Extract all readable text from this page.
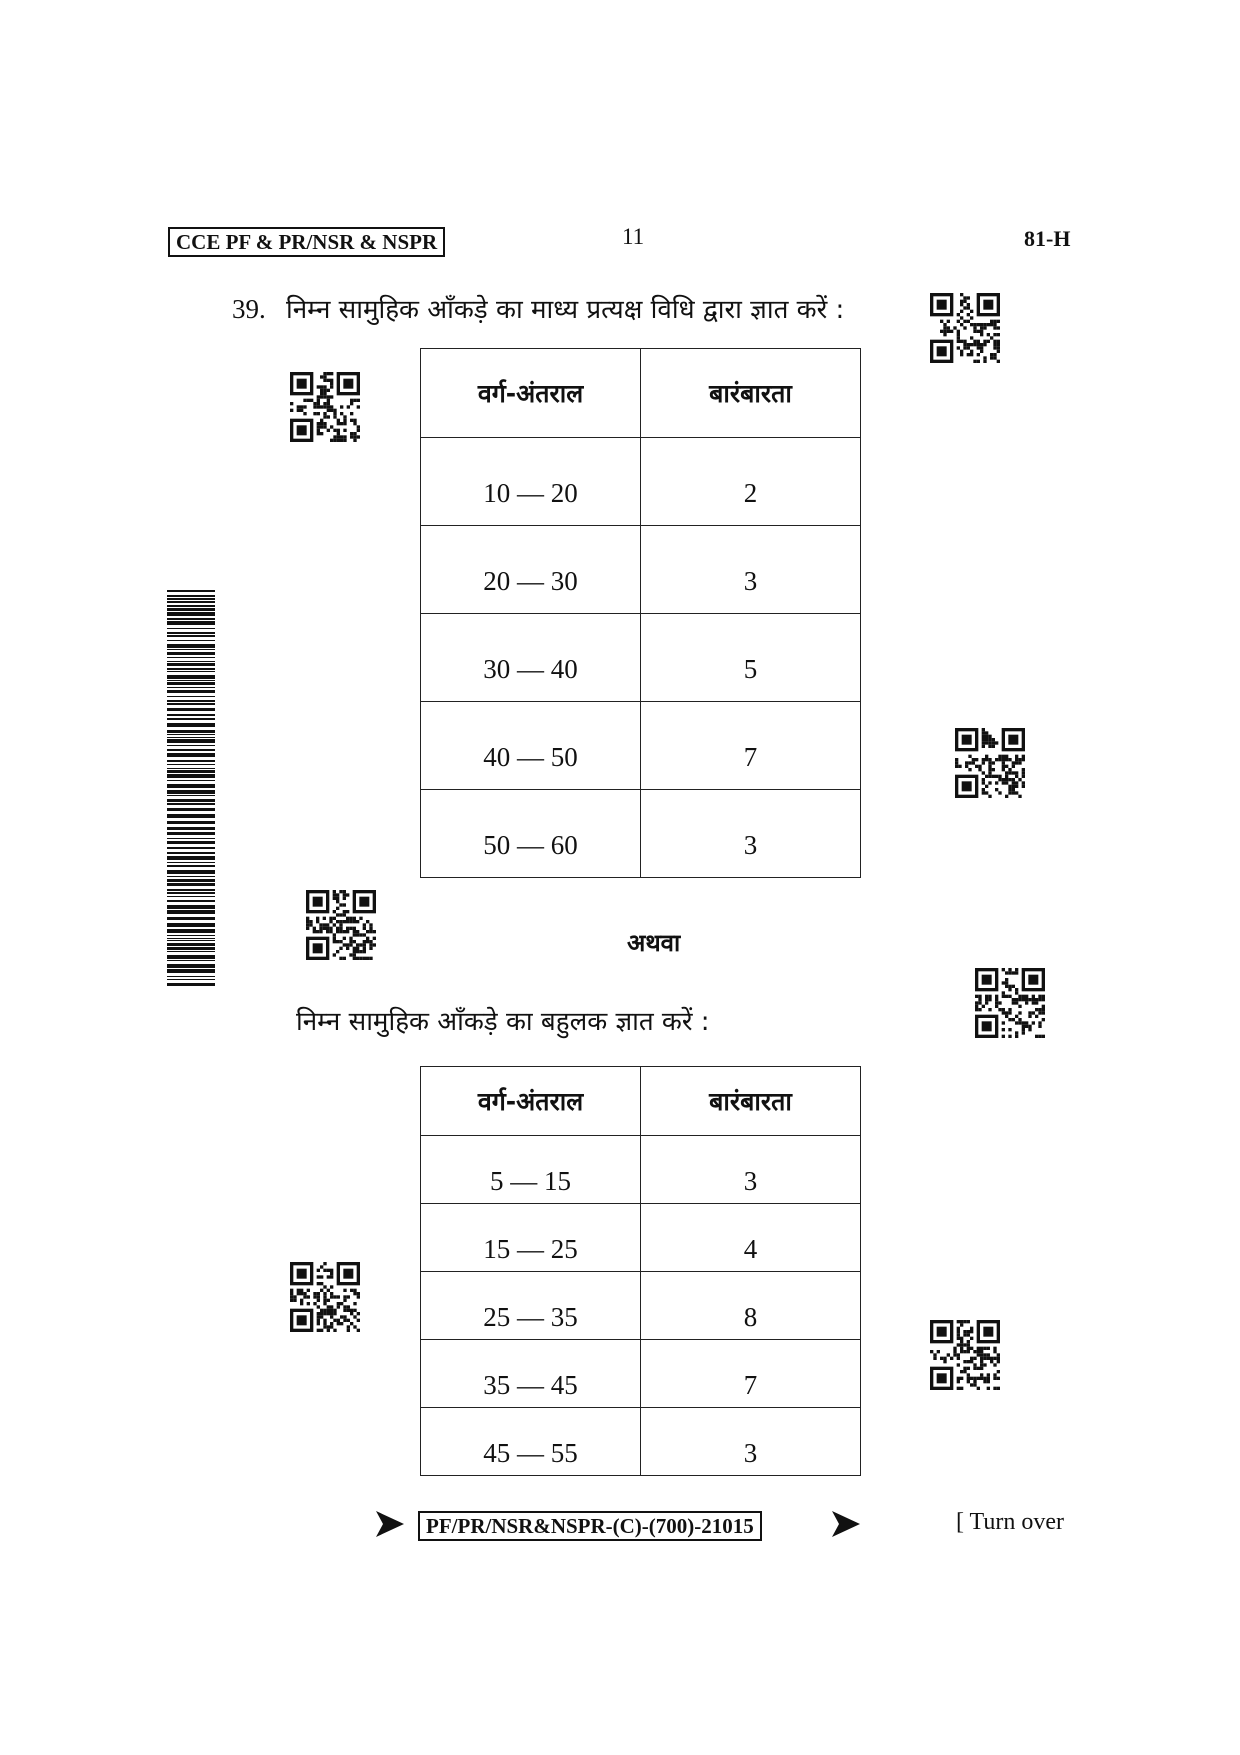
CCE PF & PR/NSR & NSPR	11	81-H
39. निम्न सामुहिक आँकड़े का माध्य प्रत्यक्ष विधि द्वारा ज्ञात करें :
वर्ग-अंतराल	बारंबारता
10 — 20	2
20 — 30	3
30 — 40	5
40 — 50	7
50 — 60	3
अथवा
निम्न सामुहिक आँकड़े का बहुलक ज्ञात करें :
वर्ग-अंतराल	बारंबारता
5 — 15	3
15 — 25	4
25 — 35	8
35 — 45	7
45 — 55	3
PF/PR/NSR&NSPR-(C)-(700)-21015	[ Turn over
